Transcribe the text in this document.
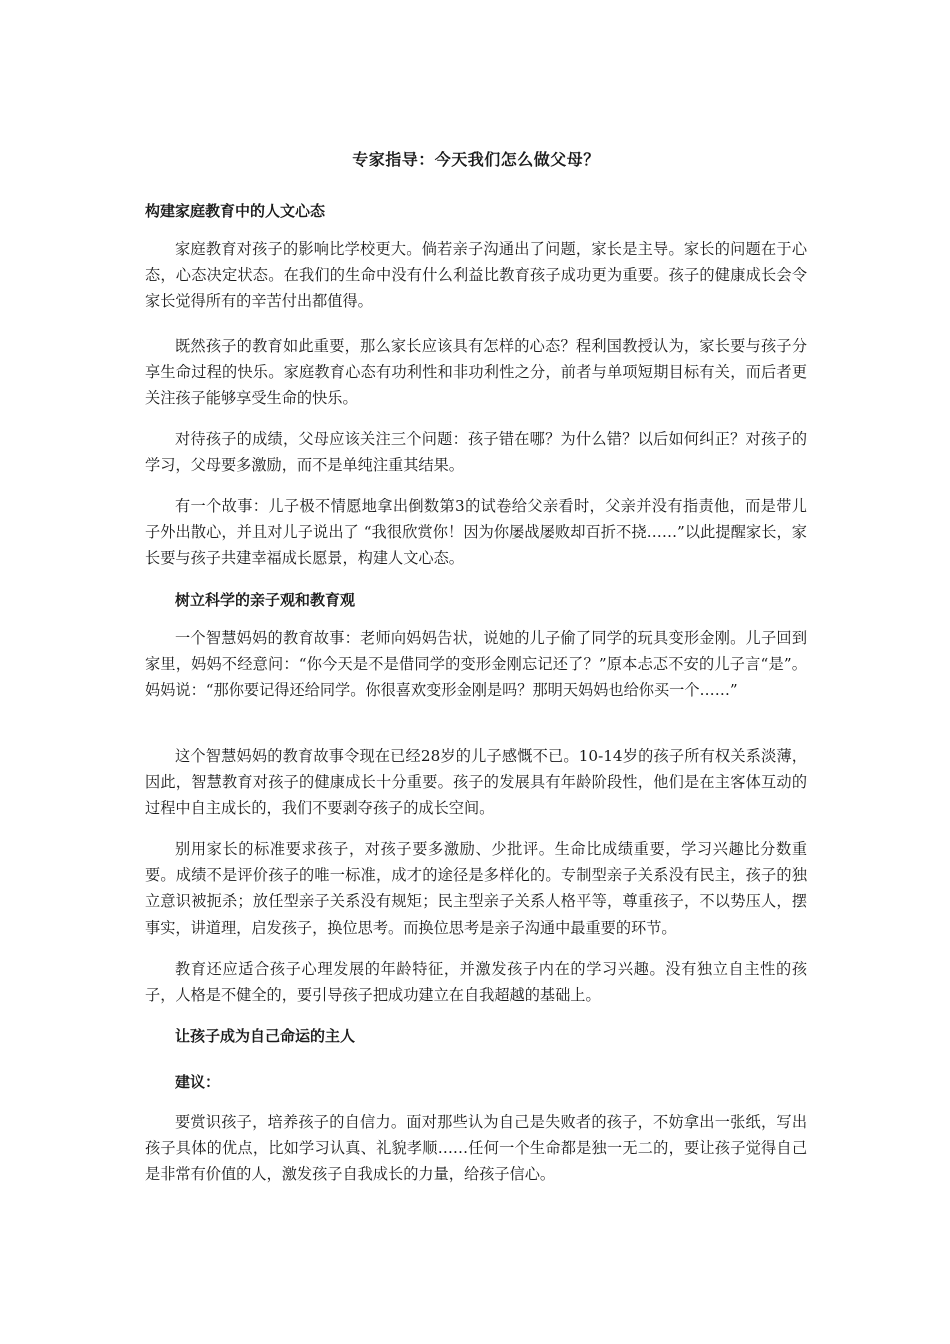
专家指导：今天我们怎么做父母？
构建家庭教育中的人文心态

家庭教育对孩子的影响比学校更大。倘若亲子沟通出了问题，家长是主导。家长的问题在于心态，心态决定状态。在我们的生命中没有什么利益比教育孩子成功更为重要。孩子的健康成长会令家长觉得所有的辛苦付出都值得。

既然孩子的教育如此重要，那么家长应该具有怎样的心态？程利国教授认为，家长要与孩子分享生命过程的快乐。家庭教育心态有功利性和非功利性之分，前者与单项短期目标有关，而后者更关注孩子能够享受生命的快乐。

对待孩子的成绩，父母应该关注三个问题：孩子错在哪？为什么错？以后如何纠正？对孩子的学习，父母要多激励，而不是单纯注重其结果。

有一个故事：儿子极不情愿地拿出倒数第3的试卷给父亲看时，父亲并没有指责他，而是带儿子外出散心，并且对儿子说出了 “我很欣赏你！因为你屡战屡败却百折不挠……”以此提醒家长，家长要与孩子共建幸福成长愿景，构建人文心态。

树立科学的亲子观和教育观

一个智慧妈妈的教育故事：老师向妈妈告状，说她的儿子偷了同学的玩具变形金刚。儿子回到家里，妈妈不经意问：“你今天是不是借同学的变形金刚忘记还了？”原本忐忑不安的儿子言“是”。妈妈说：“那你要记得还给同学。你很喜欢变形金刚是吗？那明天妈妈也给你买一个……”

这个智慧妈妈的教育故事令现在已经28岁的儿子感慨不已。10-14岁的孩子所有权关系淡薄，因此，智慧教育对孩子的健康成长十分重要。孩子的发展具有年龄阶段性，他们是在主客体互动的过程中自主成长的，我们不要剥夺孩子的成长空间。

别用家长的标准要求孩子，对孩子要多激励、少批评。生命比成绩重要，学习兴趣比分数重要。成绩不是评价孩子的唯一标准，成才的途径是多样化的。专制型亲子关系没有民主，孩子的独立意识被扼杀；放任型亲子关系没有规矩；民主型亲子关系人格平等，尊重孩子，不以势压人，摆事实，讲道理，启发孩子，换位思考。而换位思考是亲子沟通中最重要的环节。

教育还应适合孩子心理发展的年龄特征，并激发孩子内在的学习兴趣。没有独立自主性的孩子，人格是不健全的，要引导孩子把成功建立在自我超越的基础上。

让孩子成为自己命运的主人
建议：

要赏识孩子，培养孩子的自信力。面对那些认为自己是失败者的孩子，不妨拿出一张纸，写出孩子具体的优点，比如学习认真、礼貌孝顺……任何一个生命都是独一无二的，要让孩子觉得自己是非常有价值的人，激发孩子自我成长的力量，给孩子信心。
